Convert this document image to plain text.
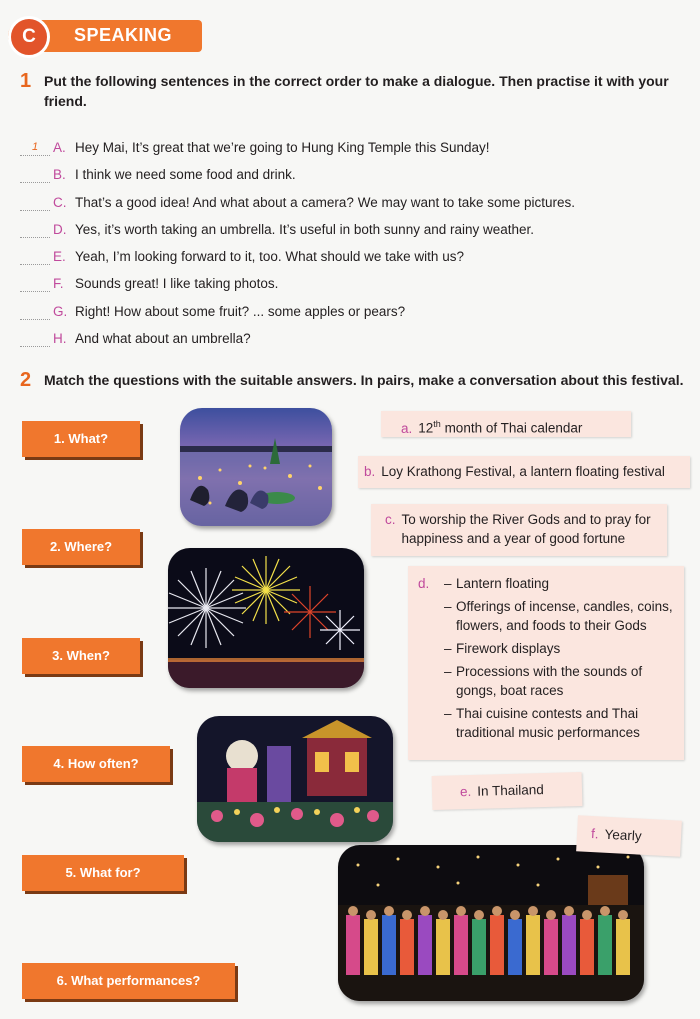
C	SPEAKING
1 Put the following sentences in the correct order to make a dialogue. Then practise it with your friend.
1 A. Hey Mai, It’s great that we’re going to Hung King Temple this Sunday!
B. I think we need some food and drink.
C. That’s a good idea! And what about a camera? We may want to take some pictures.
D. Yes, it’s worth taking an umbrella. It’s useful in both sunny and rainy weather.
E. Yeah, I’m looking forward to it, too. What should we take with us?
F. Sounds great! I like taking photos.
G. Right! How about some fruit? ... some apples or pears?
H. And what about an umbrella?
2 Match the questions with the suitable answers. In pairs, make a conversation about this festival.
1. What?
2. Where?
3. When?
4. How often?
5. What for?
6. What performances?
a. 12th month of Thai calendar
b. Loy Krathong Festival, a lantern floating festival
c. To worship the River Gods and to pray for happiness and a year of good fortune
d.	– Lantern floating
– Offerings of incense, candles, coins, flowers, and foods to their Gods
– Firework displays
– Processions with the sounds of gongs, boat races
– Thai cuisine contests and Thai traditional music performances
e. In Thailand
f. Yearly
